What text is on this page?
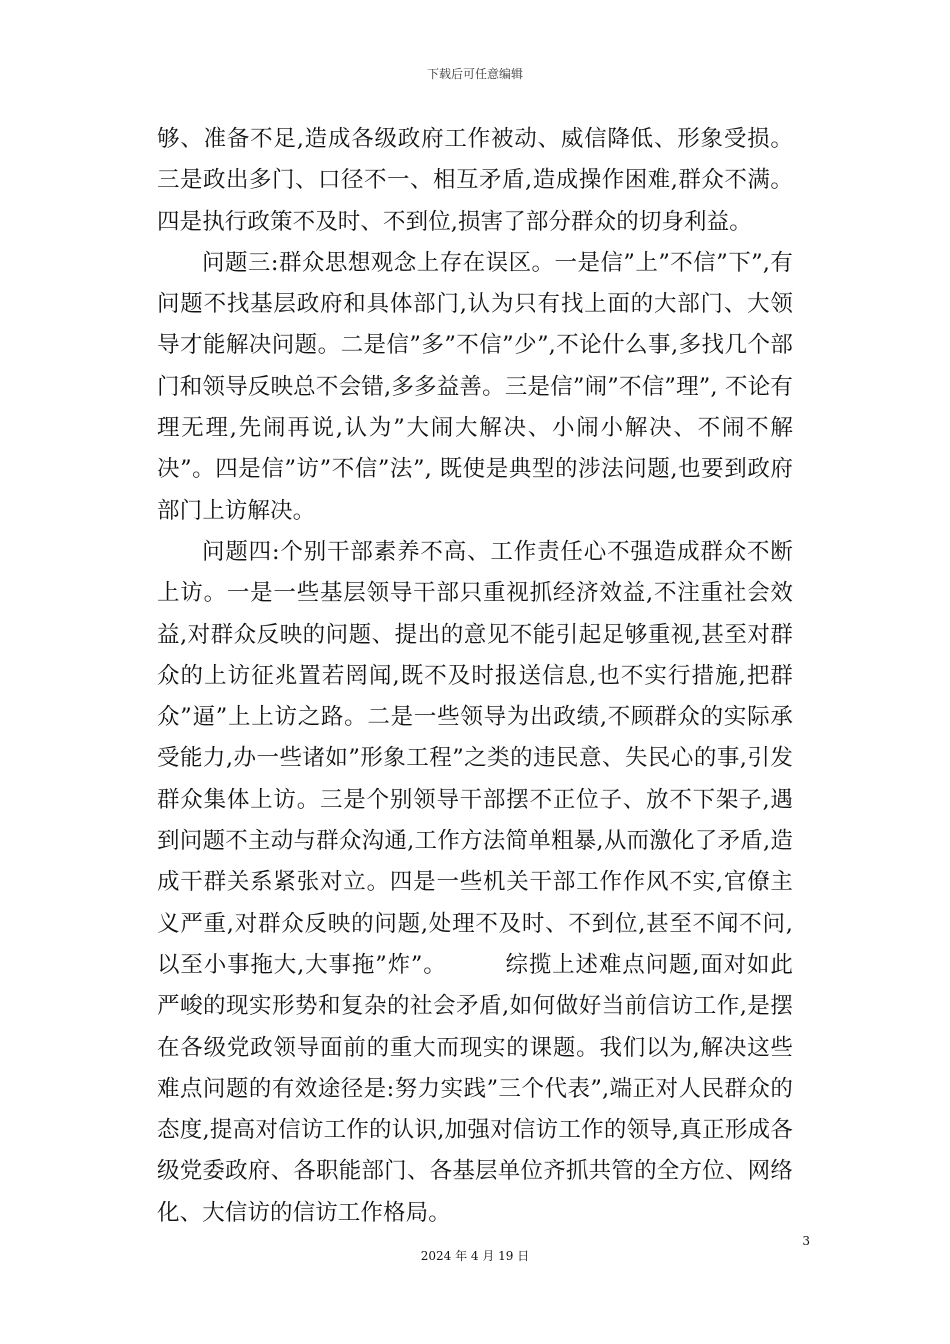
下载后可任意编辑

够、准备不足,造成各级政府工作被动、威信降低、形象受损。三是政出多门、口径不一、相互矛盾,造成操作困难,群众不满。四是执行政策不及时、不到位,损害了部分群众的切身利益。

问题三:群众思想观念上存在误区。一是信”上”不信”下”,有问题不找基层政府和具体部门,认为只有找上面的大部门、大领导才能解决问题。二是信”多”不信”少”,不论什么事,多找几个部门和领导反映总不会错,多多益善。三是信”闹”不信”理”, 不论有理无理,先闹再说,认为”大闹大解决、小闹小解决、不闹不解决”。四是信”访”不信”法”, 既使是典型的涉法问题,也要到政府部门上访解决。

问题四:个别干部素养不高、工作责任心不强造成群众不断上访。一是一些基层领导干部只重视抓经济效益,不注重社会效益,对群众反映的问题、提出的意见不能引起足够重视,甚至对群众的上访征兆置若罔闻,既不及时报送信息,也不实行措施,把群众”逼”上上访之路。二是一些领导为出政绩,不顾群众的实际承受能力,办一些诸如”形象工程”之类的违民意、失民心的事,引发群众集体上访。三是个别领导干部摆不正位子、放不下架子,遇到问题不主动与群众沟通,工作方法简单粗暴,从而激化了矛盾,造成干群关系紧张对立。四是一些机关干部工作作风不实,官僚主义严重,对群众反映的问题,处理不及时、不到位,甚至不闻不问,以至小事拖大,大事拖”炸”。　　　综揽上述难点问题,面对如此严峻的现实形势和复杂的社会矛盾,如何做好当前信访工作,是摆在各级党政领导面前的重大而现实的课题。我们以为,解决这些难点问题的有效途径是:努力实践”三个代表”,端正对人民群众的态度,提高对信访工作的认识,加强对信访工作的领导,真正形成各级党委政府、各职能部门、各基层单位齐抓共管的全方位、网络化、大信访的信访工作格局。

3
2024 年 4 月 19 日
